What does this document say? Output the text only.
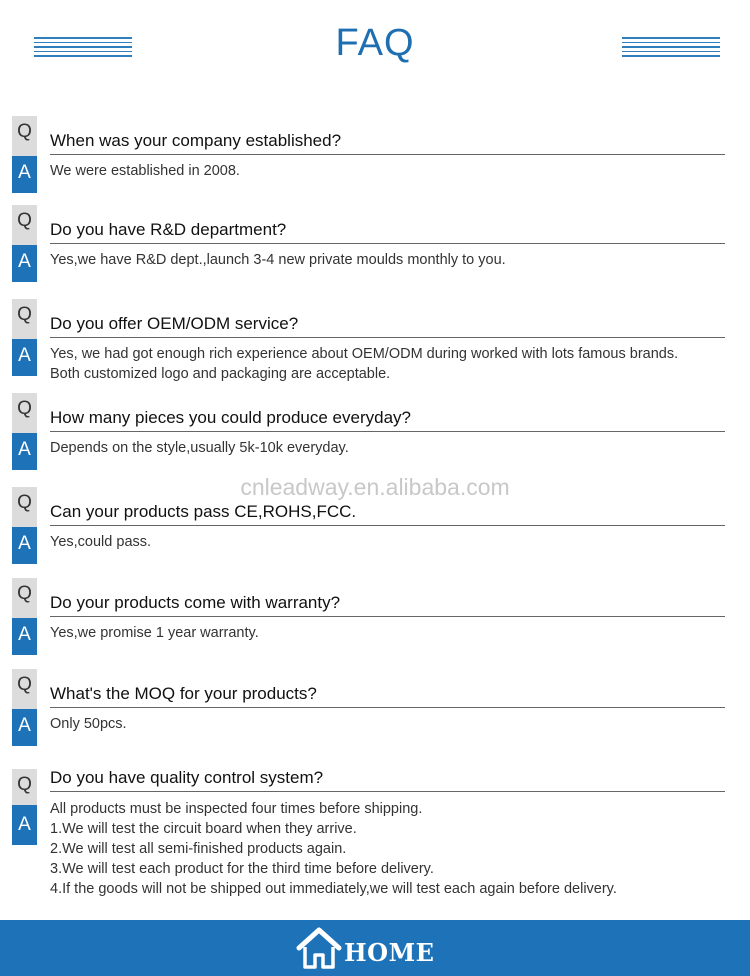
FAQ
Q
A
When was your company established?

We were established in 2008.

Q
A
Do you have R&D department?

Yes,we have R&D dept.,launch 3-4 new private moulds monthly to you.

Q
A
Do you offer OEM/ODM service?

Yes, we had got enough rich experience about OEM/ODM during worked with lots famous brands.

Both customized logo and packaging are acceptable.

Q
A
How many pieces you could produce everyday?

Depends on the style,usually 5k-10k everyday.

Q
A
Can your products pass CE,ROHS,FCC.

Yes,could pass.

Q
A
Do your products come with warranty?

Yes,we promise 1 year warranty.

Q
A
What's the MOQ for your products?

Only 50pcs.

Q
A
Do you have quality control system?

All products must be inspected four times before shipping.

1.We will test the circuit board when they arrive.

2.We will test all semi-finished products again.

3.We will test each product for the third time before delivery.

4.If the goods will not be shipped out immediately,we will test each again before delivery.

cnleadway.en.alibaba.com
HOME
